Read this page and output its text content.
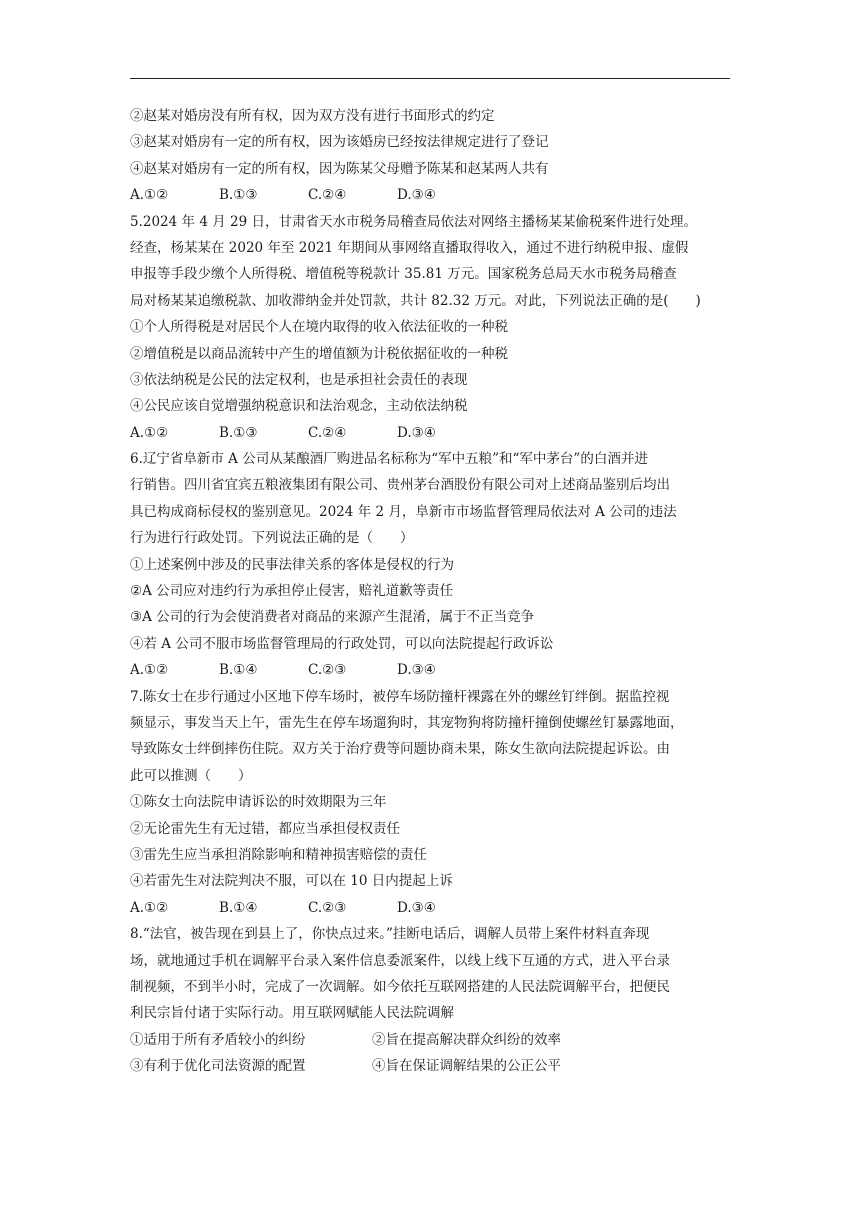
②赵某对婚房没有所有权，因为双方没有进行书面形式的约定
③赵某对婚房有一定的所有权，因为该婚房已经按法律规定进行了登记
④赵某对婚房有一定的所有权，因为陈某父母赠予陈某和赵某两人共有
A.①②	B.①③	C.②④	D.③④
5.2024 年 4 月 29 日，甘肃省天水市税务局稽查局依法对网络主播杨某某偷税案件进行处理。
经查，杨某某在 2020 年至 2021 年期间从事网络直播取得收入，通过不进行纳税申报、虚假
申报等手段少缴个人所得税、增值税等税款计 35.81 万元。国家税务总局天水市税务局稽查
局对杨某某追缴税款、加收滞纳金并处罚款，共计 82.32 万元。对此，下列说法正确的是(　　)
①个人所得税是对居民个人在境内取得的收入依法征收的一种税
②增值税是以商品流转中产生的增值额为计税依据征收的一种税
③依法纳税是公民的法定权利，也是承担社会责任的表现
④公民应该自觉增强纳税意识和法治观念，主动依法纳税
A.①②	B.①③	C.②④	D.③④
6.辽宁省阜新市 A 公司从某酿酒厂购进品名标称为“军中五粮”和“军中茅台”的白酒并进
行销售。四川省宜宾五粮液集团有限公司、贵州茅台酒股份有限公司对上述商品鉴别后均出
具已构成商标侵权的鉴别意见。2024 年 2 月，阜新市市场监督管理局依法对 A 公司的违法
行为进行行政处罚。下列说法正确的是（　　）
①上述案例中涉及的民事法律关系的客体是侵权的行为
②A 公司应对违约行为承担停止侵害，赔礼道歉等责任
③A 公司的行为会使消费者对商品的来源产生混淆，属于不正当竞争
④若 A 公司不服市场监督管理局的行政处罚，可以向法院提起行政诉讼
A.①②	B.①④	C.②③	D.③④
7.陈女士在步行通过小区地下停车场时，被停车场防撞杆裸露在外的螺丝钉绊倒。据监控视
频显示，事发当天上午，雷先生在停车场遛狗时，其宠物狗将防撞杆撞倒使螺丝钉暴露地面，
导致陈女士绊倒摔伤住院。双方关于治疗费等问题协商未果，陈女生欲向法院提起诉讼。由
此可以推测（　　）
①陈女士向法院申请诉讼的时效期限为三年
②无论雷先生有无过错，都应当承担侵权责任
③雷先生应当承担消除影响和精神损害赔偿的责任
④若雷先生对法院判决不服，可以在 10 日内提起上诉
A.①②	B.①④	C.②③	D.③④
8.“法官，被告现在到县上了，你快点过来。”挂断电话后，调解人员带上案件材料直奔现
场，就地通过手机在调解平台录入案件信息委派案件，以线上线下互通的方式，进入平台录
制视频，不到半小时，完成了一次调解。如今依托互联网搭建的人民法院调解平台，把便民
利民宗旨付诸于实际行动。用互联网赋能人民法院调解
①适用于所有矛盾较小的纠纷	②旨在提高解决群众纠纷的效率
③有利于优化司法资源的配置	④旨在保证调解结果的公正公平
